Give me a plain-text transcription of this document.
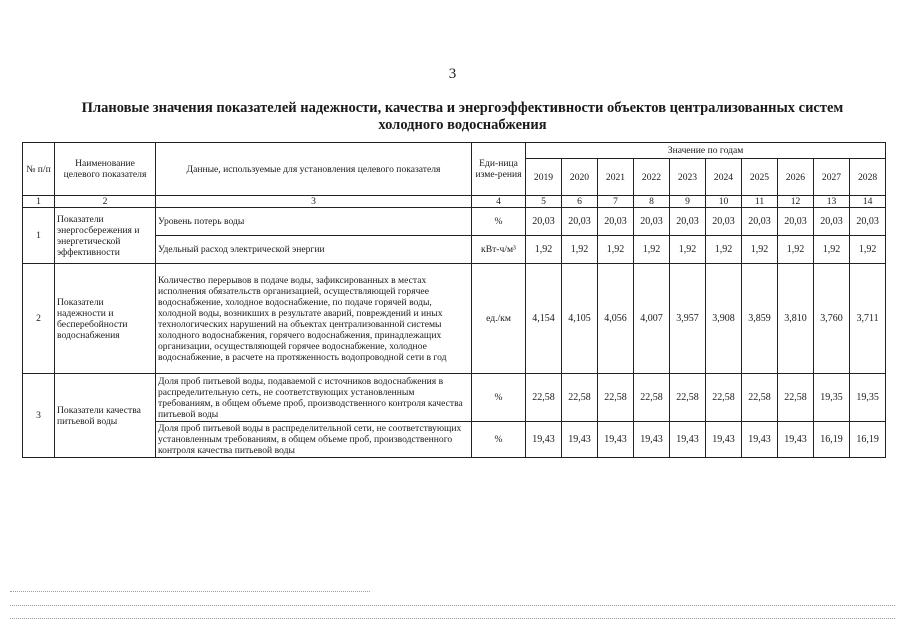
3
Плановые значения показателей надежности, качества и энергоэффективности объектов централизованных систем
холодного водоснабжения
№ п/п	Наименование целевого показателя	Данные, используемые для установления целевого показателя	Еди-ница изме-рения	Значение по годам									
				2019	2020	2021	2022	2023	2024	2025	2026	2027	2028
1	2	3	4	5	6	7	8	9	10	11	12	13	14
1	Показатели энергосбережения и энергетической эффективности	Уровень потерь воды	%	20,03	20,03	20,03	20,03	20,03	20,03	20,03	20,03	20,03	20,03
		Удельный расход электрической энергии	кВт-ч/м³	1,92	1,92	1,92	1,92	1,92	1,92	1,92	1,92	1,92	1,92
2	Показатели надежности и бесперебойности водоснабжения	Количество перерывов в подаче воды, зафиксированных в местах исполнения обязательств организацией, осуществляющей горячее водоснабжение, холодное водоснабжение, по подаче горячей воды, холодной воды, возникших в результате аварий, повреждений и иных технологических нарушений на объектах централизованной системы холодного водоснабжения, горячего водоснабжения, принадлежащих организации, осуществляющей горячее водоснабжение, холодное водоснабжение, в расчете на протяженность водопроводной сети в год	ед./км	4,154	4,105	4,056	4,007	3,957	3,908	3,859	3,810	3,760	3,711
3	Показатели качества питьевой воды	Доля проб питьевой воды, подаваемой с источников водоснабжения в распределительную сеть, не соответствующих установленным требованиям, в общем объеме проб, производственного контроля качества питьевой воды	%	22,58	22,58	22,58	22,58	22,58	22,58	22,58	22,58	19,35	19,35
		Доля проб питьевой воды в распределительной сети, не соответствующих установленным требованиям, в общем объеме проб, производственного контроля качества питьевой воды	%	19,43	19,43	19,43	19,43	19,43	19,43	19,43	19,43	16,19	16,19
